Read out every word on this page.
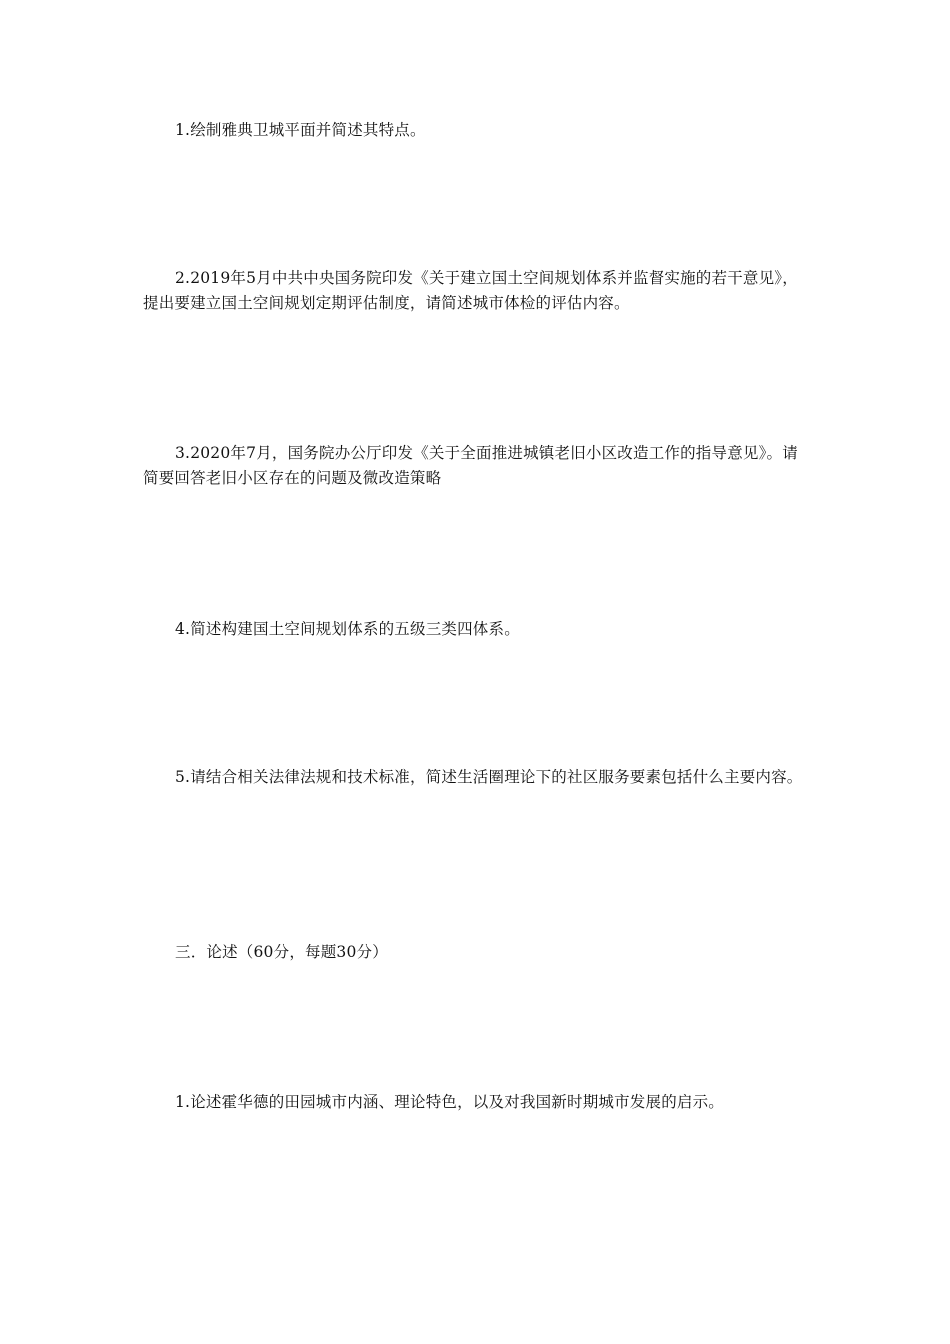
1.绘制雅典卫城平面并简述其特点。

2.2019年5月中共中央国务院印发《关于建立国土空间规划体系并监督实施的若干意见》，提出要建立国土空间规划定期评估制度，请简述城市体检的评估内容。

3.2020年7月，国务院办公厅印发《关于全面推进城镇老旧小区改造工作的指导意见》。请简要回答老旧小区存在的问题及微改造策略

4.简述构建国土空间规划体系的五级三类四体系。

5.请结合相关法律法规和技术标准，简述生活圈理论下的社区服务要素包括什么主要内容。

三．论述（60分，每题30分）

1.论述霍华德的田园城市内涵、理论特色，以及对我国新时期城市发展的启示。
